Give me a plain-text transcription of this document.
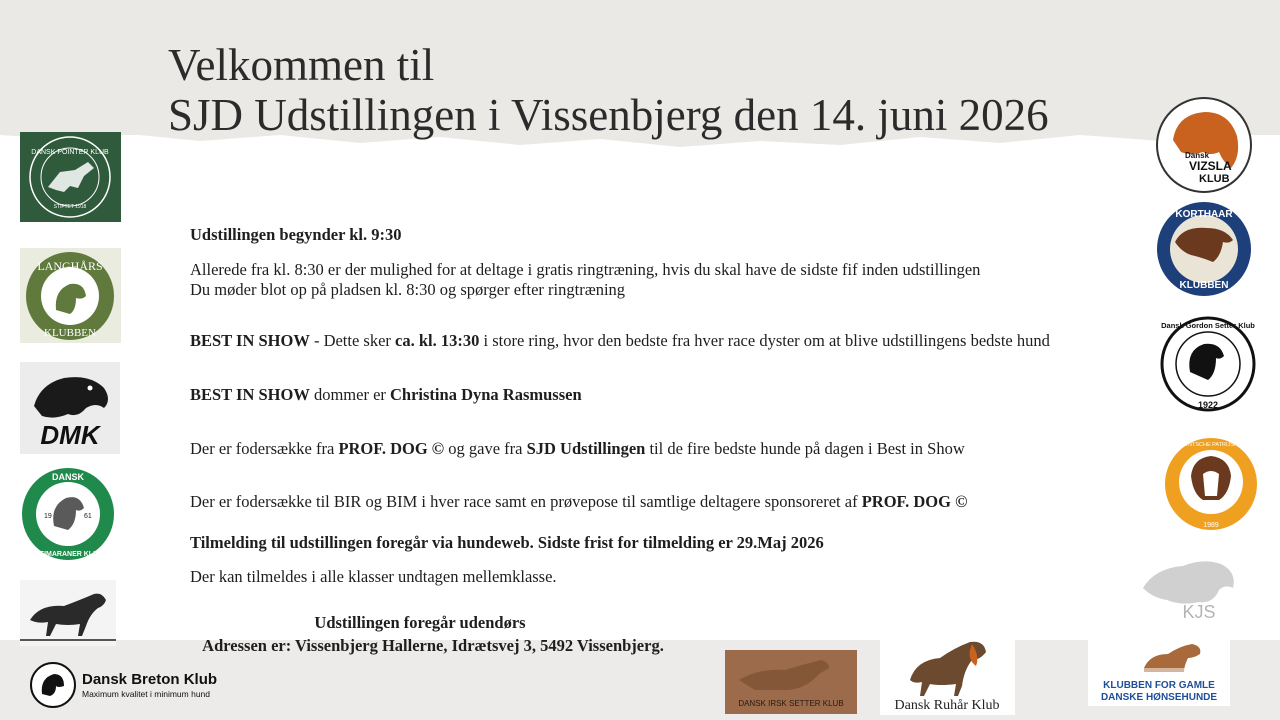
Velkommen til
SJD Udstillingen i Vissenbjerg den 14. juni 2026
Udstillingen begynder kl. 9:30
Allerede fra kl. 8:30 er der mulighed for at deltage i gratis ringtræning, hvis du skal have de sidste fif inden udstillingen
Du møder blot op på pladsen kl. 8:30 og spørger efter ringtræning
BEST IN SHOW - Dette sker ca. kl. 13:30 i store ring, hvor den bedste fra hver race dyster om at blive udstillingens bedste hund
BEST IN SHOW dommer er Christina Dyna Rasmussen
Der er fodersække fra PROF. DOG © og gave fra SJD Udstillingen til de fire bedste hunde på dagen i Best in Show
Der er fodersække til BIR og BIM i hver race samt en prøvepose til samtlige deltagere sponsoreret af PROF. DOG ©
Tilmelding til udstillingen foregår via hundeweb. Sidste frist for tilmelding er 29.Maj 2026
Der kan tilmeldes i alle klasser undtagen mellemklasse.
Udstillingen foregår udendørs
Adressen er: Vissenbjerg Hallerne, Idrætsvej 3, 5492 Vissenbjerg.
DANSK POINTER KLUB
STIFTET 1918
LANGHÅRS
KLUBBEN
DMK
DANSK
WEIMARANER KLUB
19	61
Dansk Breton Klub
Maximum kvalitet i minimum hund
Dansk
VIZSLA
KLUB
KORTHAAR
KLUBBEN
Dansk Gordon Setter Klub
1922
DANSK DRENTSCHE PATRIJSHOND KLUB
1989
KJS
DANSK IRSK SETTER KLUB	Dansk Ruhår Klub
KLUBBEN FOR GAMLE
DANSKE HØNSEHUNDE
